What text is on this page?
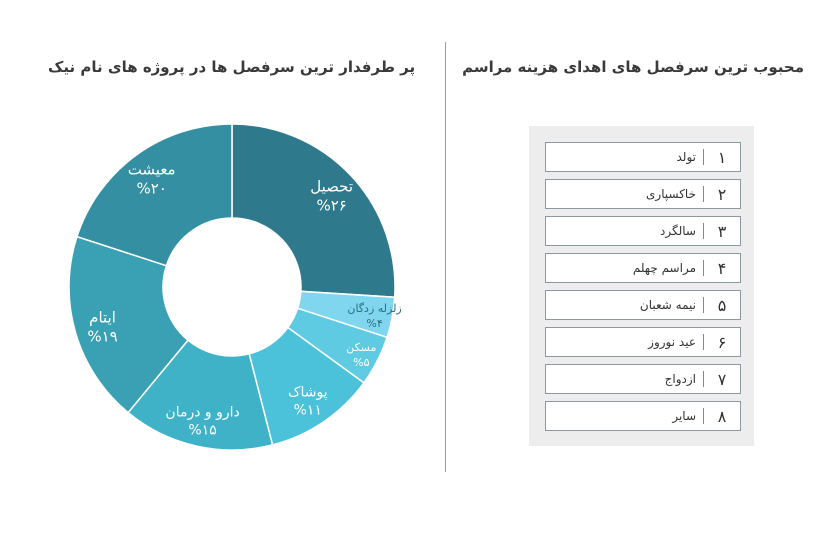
پر طرفدار ترین سرفصل ها در پروژه های نام نیک	محبوب ترین سرفصل های اهدای هزینه مراسم
تحصیل
%۲۶
زلزله زدگان
%۴
مسکن
%۵
پوشاک
%۱۱
دارو و درمان
%۱۵
ایتام
%۱۹
معیشت
%۲۰
۱
تولد
۲
خاکسپاری
۳
سالگرد
۴
مراسم چهلم
۵
نیمه شعبان
۶
عید نوروز
۷
ازدواج
۸
سایر
